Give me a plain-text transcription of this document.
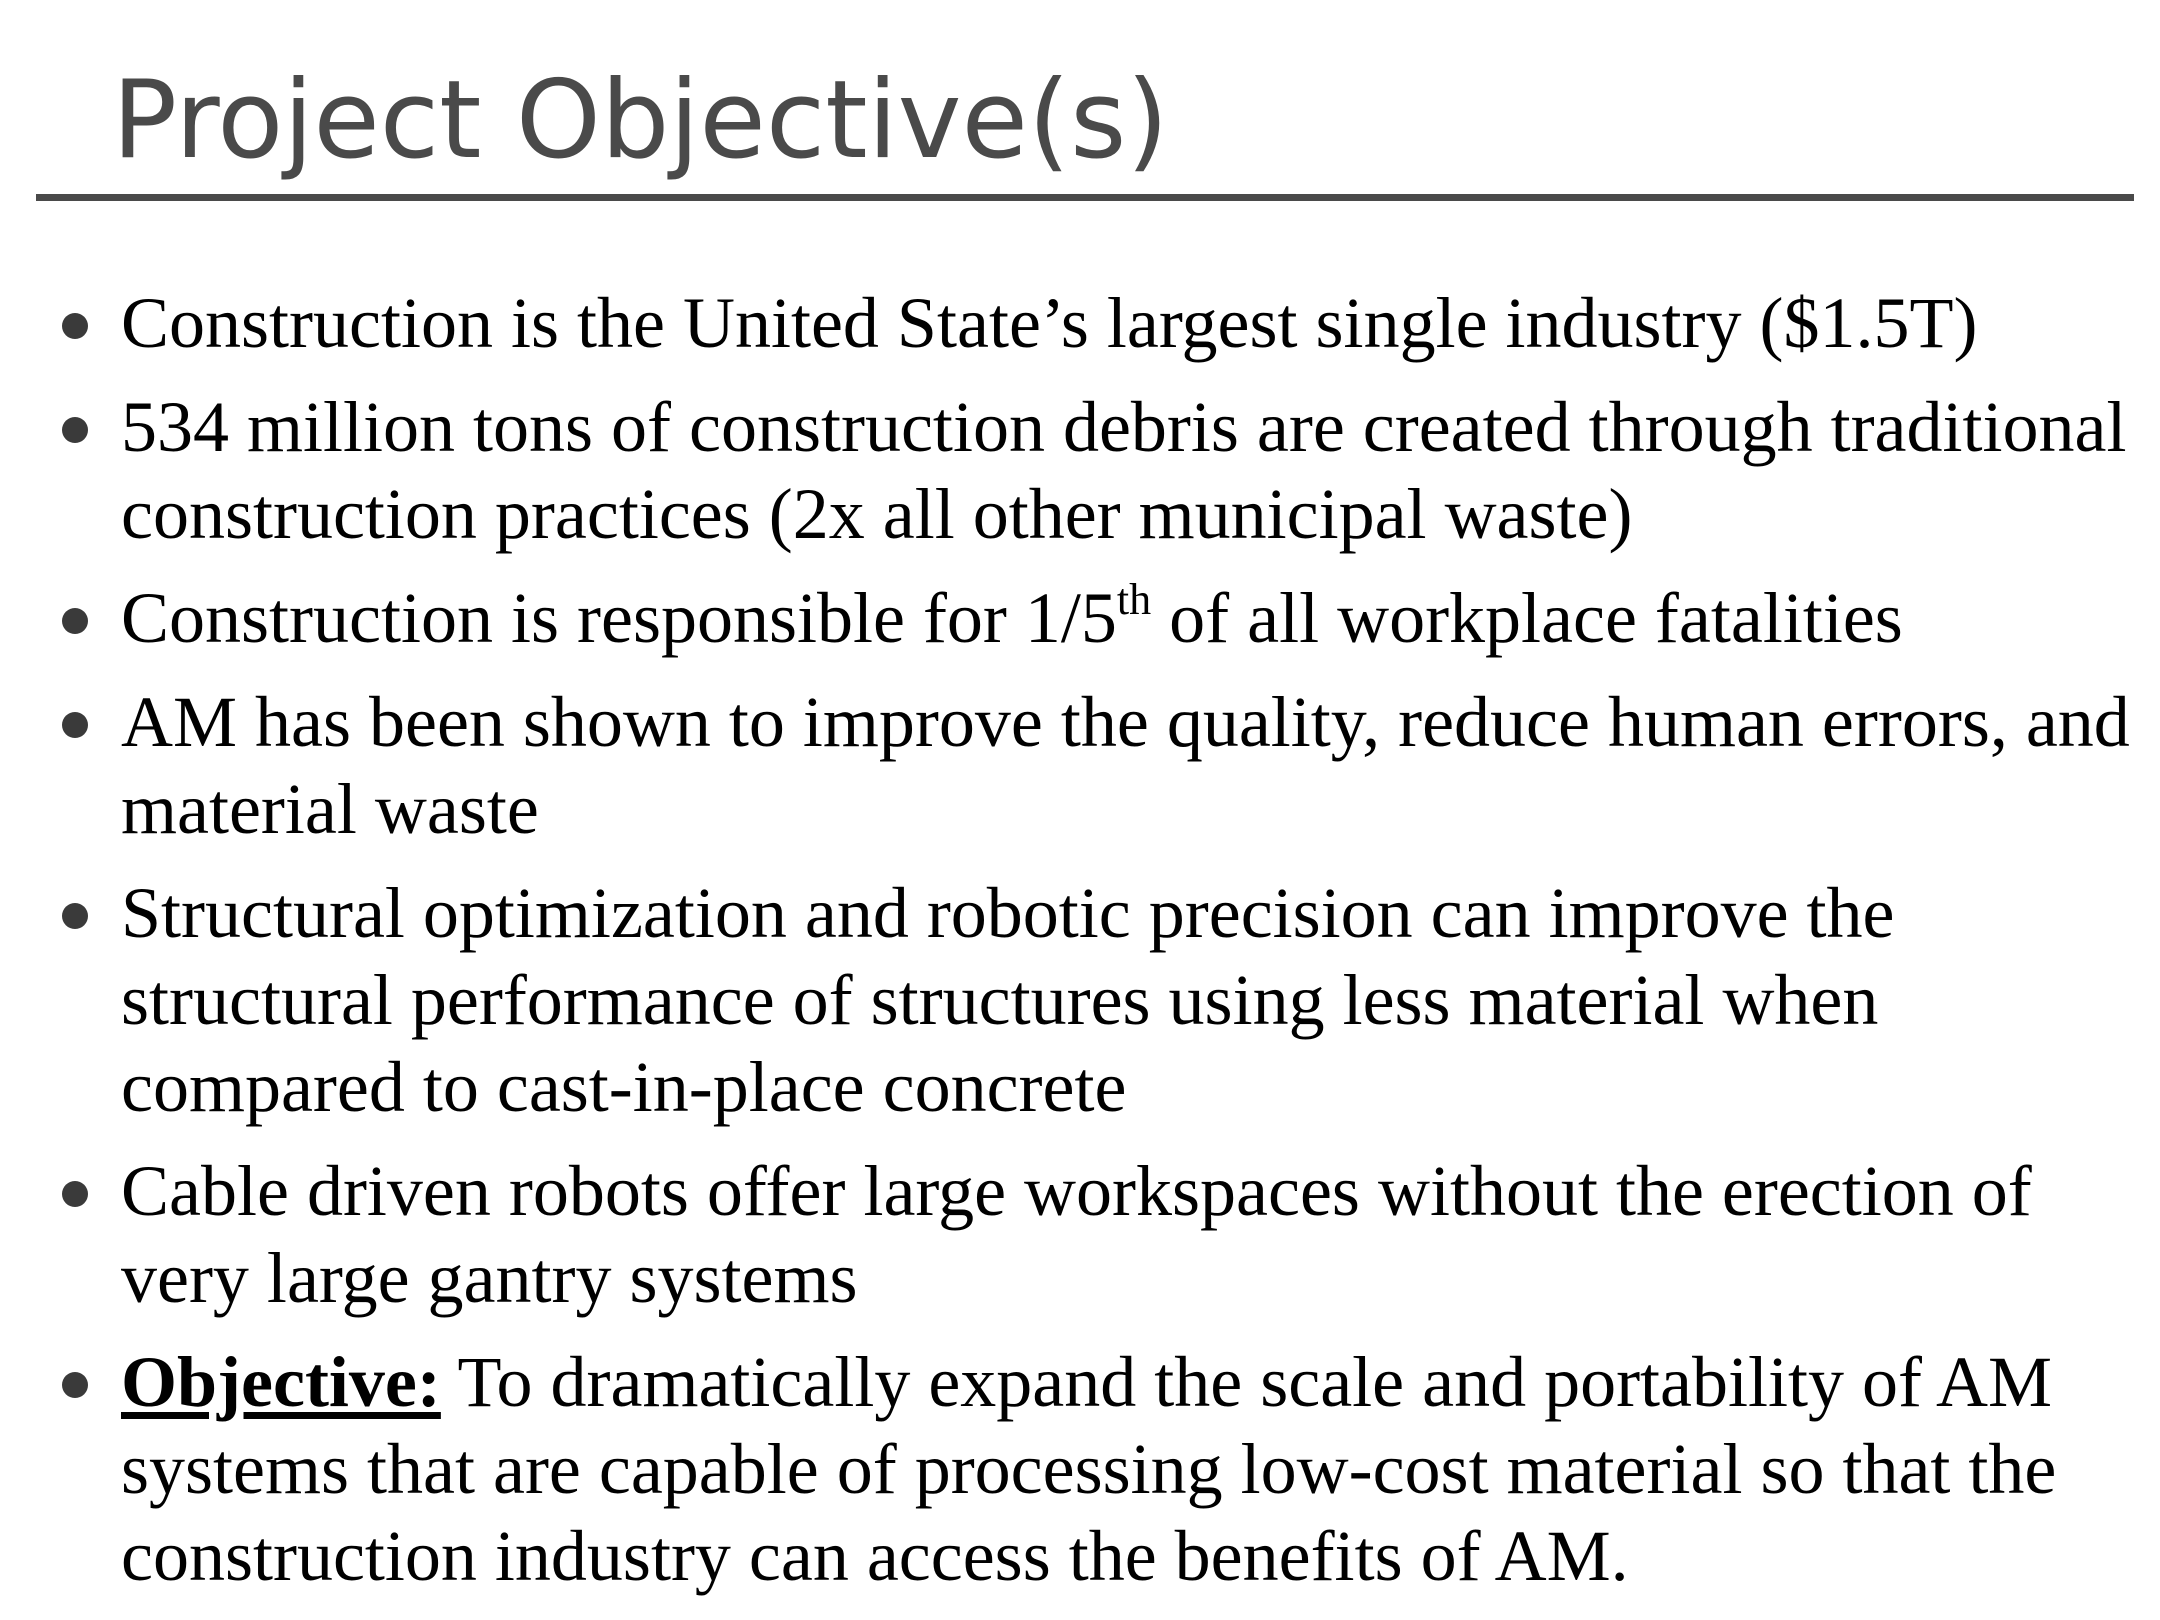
Project Objective(s)
Construction is the United State’s largest single industry ($1.5T)
534 million tons of construction debris are created through traditional construction practices (2x all other municipal waste)
Construction is responsible for 1/5th of all workplace fatalities
AM has been shown to improve the quality, reduce human errors, and material waste
Structural optimization and robotic precision can improve the structural performance of structures using less material when compared to cast-in-place concrete
Cable driven robots offer large workspaces without the erection of very large gantry systems
Objective: To dramatically expand the scale and portability of AM systems that are capable of processing low-cost material so that the construction industry can access the benefits of AM.
